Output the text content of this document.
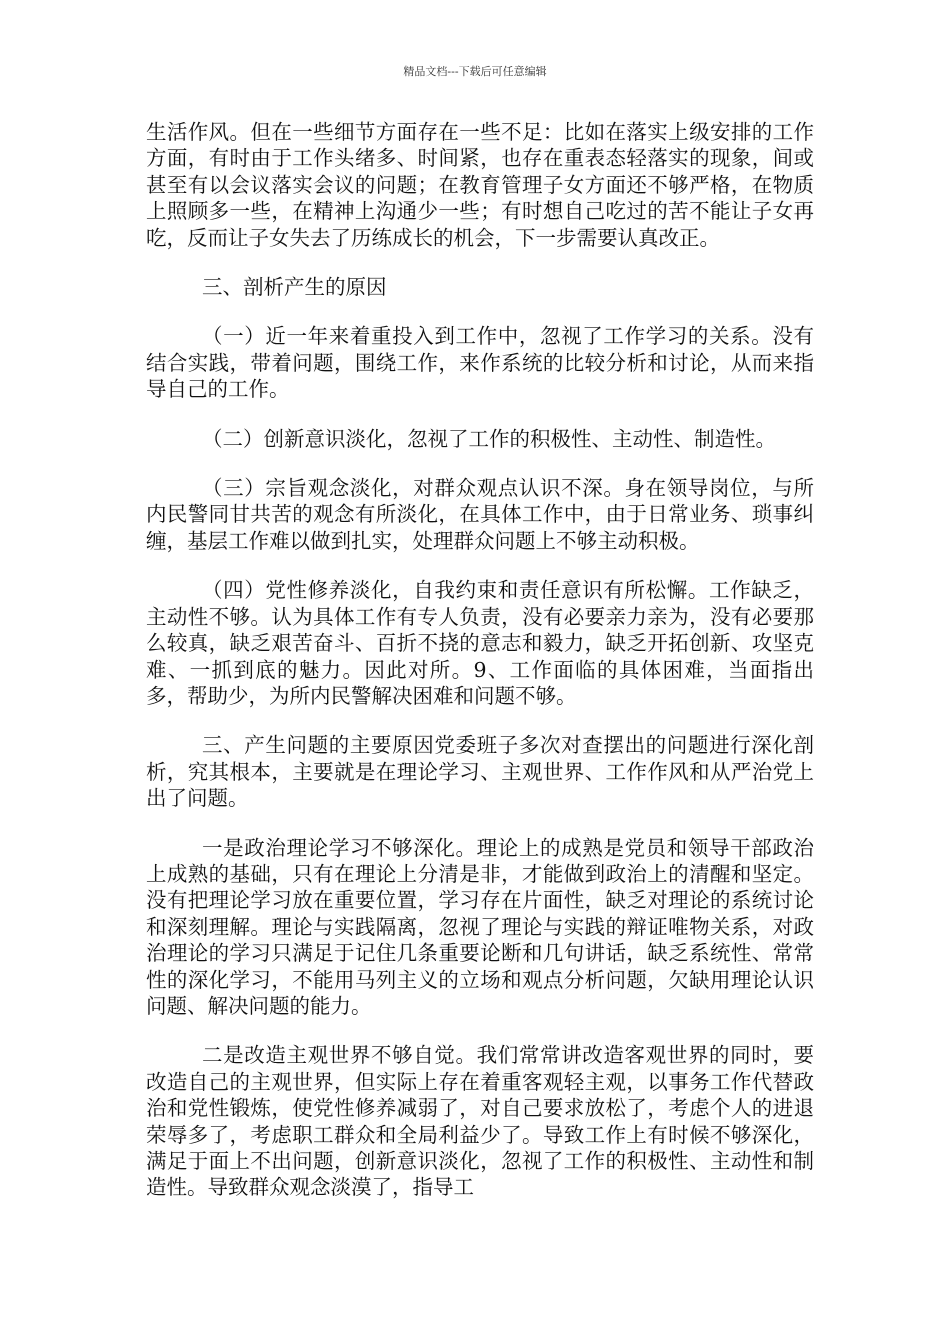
精品文档---下载后可任意编辑

生活作风。但在一些细节方面存在一些不足：比如在落实上级安排的工作方面，有时由于工作头绪多、时间紧，也存在重表态轻落实的现象，间或甚至有以会议落实会议的问题；在教育管理子女方面还不够严格，在物质上照顾多一些，在精神上沟通少一些；有时想自己吃过的苦不能让子女再吃，反而让子女失去了历练成长的机会，下一步需要认真改正。

三、剖析产生的原因

（一）近一年来着重投入到工作中，忽视了工作学习的关系。没有结合实践，带着问题，围绕工作，来作系统的比较分析和讨论，从而来指导自己的工作。

（二）创新意识淡化，忽视了工作的积极性、主动性、制造性。

（三）宗旨观念淡化，对群众观点认识不深。身在领导岗位，与所内民警同甘共苦的观念有所淡化，在具体工作中，由于日常业务、琐事纠缠，基层工作难以做到扎实，处理群众问题上不够主动积极。

（四）党性修养淡化，自我约束和责任意识有所松懈。工作缺乏，主动性不够。认为具体工作有专人负责，没有必要亲力亲为，没有必要那么较真，缺乏艰苦奋斗、百折不挠的意志和毅力，缺乏开拓创新、攻坚克难、一抓到底的魅力。因此对所。9、工作面临的具体困难，当面指出多，帮助少，为所内民警解决困难和问题不够。

三、产生问题的主要原因党委班子多次对查摆出的问题进行深化剖析，究其根本，主要就是在理论学习、主观世界、工作作风和从严治党上出了问题。

一是政治理论学习不够深化。理论上的成熟是党员和领导干部政治上成熟的基础，只有在理论上分清是非，才能做到政治上的清醒和坚定。没有把理论学习放在重要位置，学习存在片面性，缺乏对理论的系统讨论和深刻理解。理论与实践隔离，忽视了理论与实践的辩证唯物关系，对政治理论的学习只满足于记住几条重要论断和几句讲话，缺乏系统性、常常性的深化学习，不能用马列主义的立场和观点分析问题，欠缺用理论认识问题、解决问题的能力。

二是改造主观世界不够自觉。我们常常讲改造客观世界的同时，要改造自己的主观世界，但实际上存在着重客观轻主观，以事务工作代替政治和党性锻炼，使党性修养减弱了，对自己要求放松了，考虑个人的进退荣辱多了，考虑职工群众和全局利益少了。导致工作上有时候不够深化，满足于面上不出问题，创新意识淡化，忽视了工作的积极性、主动性和制造性。导致群众观念淡漠了，指导工
